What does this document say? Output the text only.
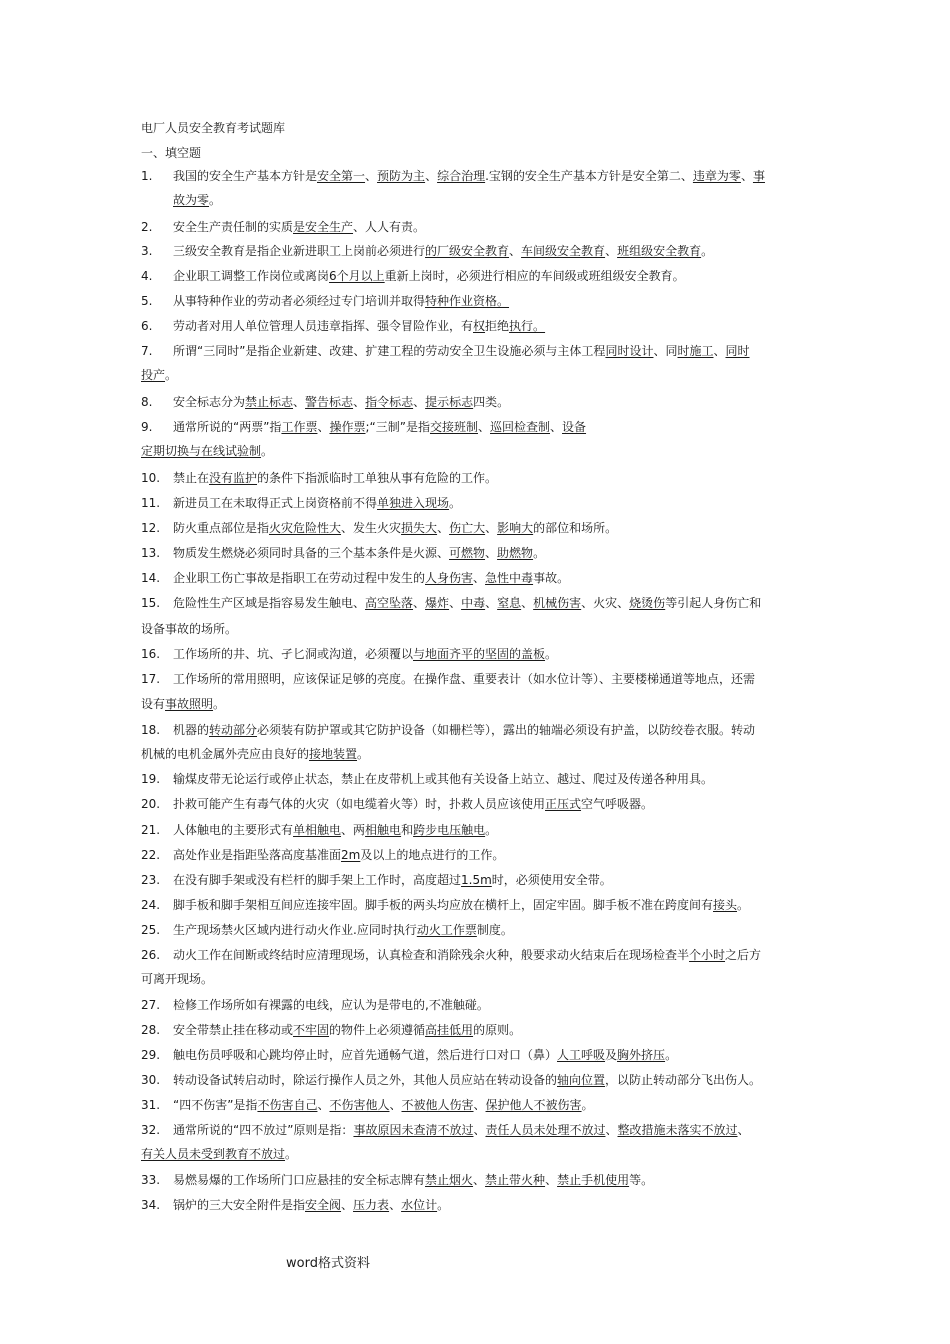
电厂人员安全教育考试题库
一、填空题
1. 我国的安全生产基本方针是安全第一、预防为主、综合治理.宝钢的安全生产基本方针是安全第二、违章为零、事
故为零。
2. 安全生产责任制的实质是安全生产、人人有责。
3. 三级安全教育是指企业新进职工上岗前必须进行的厂级安全教育、车间级安全教育、班组级安全教育。
4. 企业职工调整工作岗位或离岗6个月以上重新上岗时，必须进行相应的车间级或班组级安全教育。
5. 从事特种作业的劳动者必须经过专门培训并取得特种作业资格。
6. 劳动者对用人单位管理人员违章指挥、强令冒险作业，有权拒绝执行。
7. 所谓“三同时”是指企业新建、改建、扩建工程的劳动安全卫生设施必须与主体工程同时设计、同时施工、同时
投产。
8. 安全标志分为禁止标志、警告标志、指令标志、提示标志四类。
9. 通常所说的“两票”指工作票、操作票;“三制”是指交接班制、巡回检查制、设备
定期切换与在线试验制。
10. 禁止在没有监护的条件下指派临时工单独从事有危险的工作。
11. 新进员工在未取得正式上岗资格前不得单独进入现场。
12. 防火重点部位是指火灾危险性大、发生火灾损失大、伤亡大、影响大的部位和场所。
13. 物质发生燃烧必须同时具备的三个基本条件是火源、可燃物、助燃物。
14. 企业职工伤亡事故是指职工在劳动过程中发生的人身伤害、急性中毒事故。
15. 危险性生产区域是指容易发生触电、高空坠落、爆炸、中毒、窒息、机械伤害、火灾、烧烫伤等引起人身伤亡和
设备事故的场所。
16. 工作场所的井、坑、孑匕洞或沟道，必须覆以与地面齐平的坚固的盖板。
17. 工作场所的常用照明，应该保证足够的亮度。在操作盘、重要表计（如水位计等）、主要楼梯通道等地点，还需
设有事故照明。
18. 机器的转动部分必须装有防护罩或其它防护设备（如栅栏等），露出的轴端必须设有护盖，以防绞卷衣服。转动
机械的电机金属外壳应由良好的接地装置。
19. 输煤皮带无论运行或停止状态，禁止在皮带机上或其他有关设备上站立、越过、爬过及传递各种用具。
20. 扑救可能产生有毒气体的火灾（如电缆着火等）时，扑救人员应该使用正压式空气呼吸器。
21. 人体触电的主要形式有单相触电、两相触电和跨步电压触电。
22. 高处作业是指距坠落高度基准面2m及以上的地点进行的工作。
23. 在没有脚手架或没有栏杆的脚手架上工作时，高度超过1.5m时，必须使用安全带。
24. 脚手板和脚手架相互间应连接牢固。脚手板的两头均应放在横杆上，固定牢固。脚手板不准在跨度间有接头。
25. 生产现场禁火区域内进行动火作业.应同时执行动火工作票制度。
26. 动火工作在间断或终结时应清理现场，认真检查和消除残余火种，般要求动火结束后在现场检查半个小时之后方
可离开现场。
27. 检修工作场所如有裸露的电线，应认为是带电的,不准触碰。
28. 安全带禁止挂在移动或不牢固的物件上必须遵循高挂低用的原则。
29. 触电伤员呼吸和心跳均停止时，应首先通畅气道，然后进行口对口（鼻）人工呼吸及胸外挤压。
30. 转动设备试转启动时，除运行操作人员之外，其他人员应站在转动设备的轴向位置，以防止转动部分飞出伤人。
31. “四不伤害”是指不伤害自己、不伤害他人、不被他人伤害、保护他人不被伤害。
32. 通常所说的“四不放过”原则是指：事故原因未查清不放过、责任人员未处理不放过、整改措施未落实不放过、
有关人员未受到教育不放过。
33. 易燃易爆的工作场所门口应悬挂的安全标志牌有禁止烟火、禁止带火种、禁止手机使用等。
34. 锅炉的三大安全附件是指安全阀、压力表、水位计。
word格式资料
